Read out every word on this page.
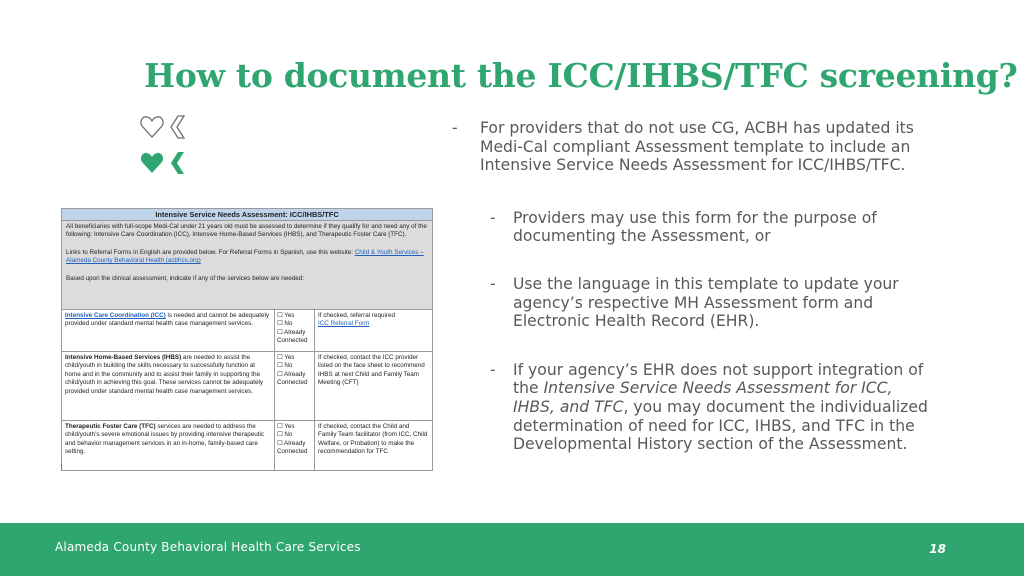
How to document the ICC/IHBS/TFC screening?
Intensive Service Needs Assessment: ICC/IHBS/TFC

All beneficiaries with full-scope Medi-Cal under 21 years old must be assessed to determine if they qualify for and need any of the following: Intensive Care Coordination (ICC), Intensive Home-Based Services (IHBS), and Therapeutic Foster Care (TFC).

Links to Referral Forms in English are provided below. For Referral Forms in Spanish, use this website: Child & Youth Services – Alameda County Behavioral Health (acbhcs.org)

Based upon the clinical assessment, indicate if any of the services below are needed:

Intensive Care Coordination (ICC) is needed and cannot be adequately provided under standard mental health case management services.
☐ Yes
☐ No
☐ Already Connected
If checked, referral required
ICC Referral Form
Intensive Home-Based Services (IHBS) are needed to assist the child/youth in building the skills necessary to successfully function at home and in the community and to assist their family in supporting the child/youth in achieving this goal. These services cannot be adequately provided under standard mental health case management services.
☐ Yes
☐ No
☐ Already Connected
If checked, contact the ICC provider listed on the face sheet to recommend IHBS at next Child and Family Team Meeting (CFT)
Therapeutic Foster Care (TFC) services are needed to address the child/youth’s severe emotional issues by providing intensive therapeutic and behavior management services in an in-home, family-based care setting.
☐ Yes
☐ No
☐ Already Connected
If checked, contact the Child and Family Team facilitator (from ICC, Child Welfare, or Probation) to make the recommendation for TFC
- For providers that do not use CG, ACBH has updated its Medi-Cal compliant Assessment template to include an Intensive Service Needs Assessment for ICC/IHBS/TFC.
- Providers may use this form for the purpose of documenting the Assessment, or
- Use the language in this template to update your agency’s respective MH Assessment form and Electronic Health Record (EHR).
- If your agency’s EHR does not support integration of the Intensive Service Needs Assessment for ICC, IHBS, and TFC, you may document the individualized determination of need for ICC, IHBS, and TFC in the Developmental History section of the Assessment.
Alameda County Behavioral Health Care Services	18
